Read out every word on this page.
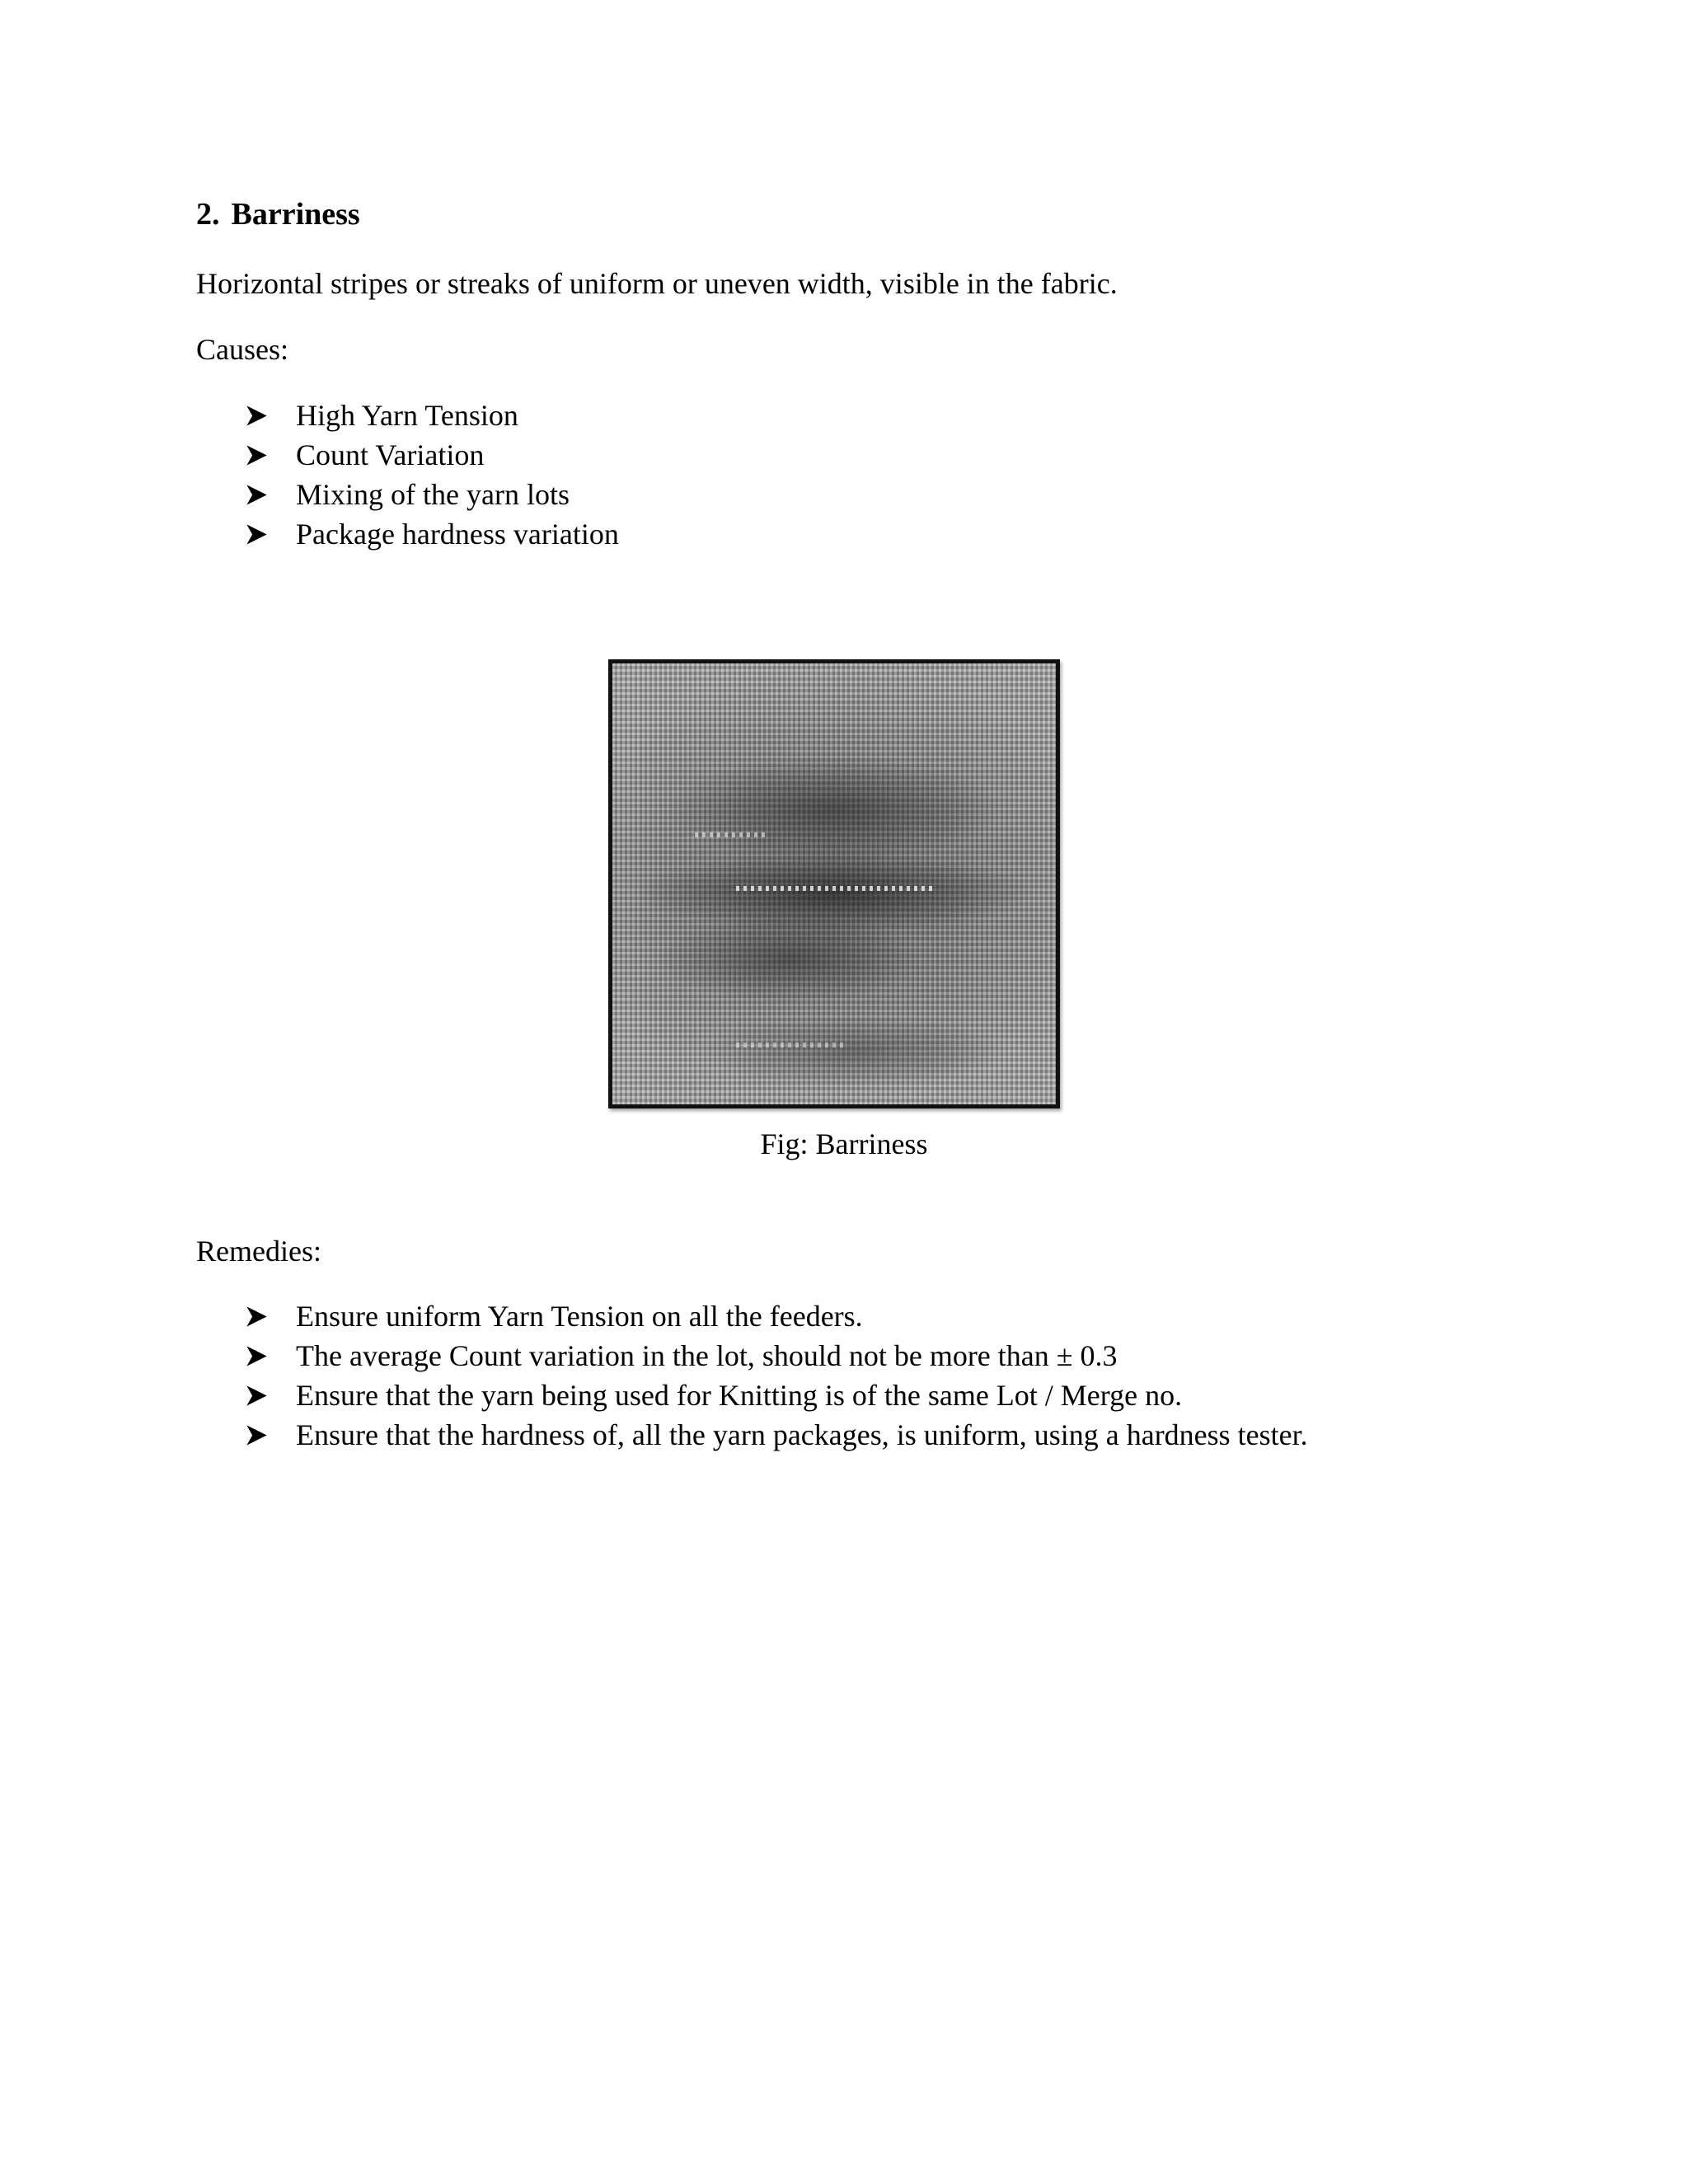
2. Barriness
Horizontal stripes or streaks of uniform or uneven width, visible in the fabric.
Causes:
High Yarn Tension
Count Variation
Mixing of the yarn lots
Package hardness variation
Fig: Barriness
Remedies:
Ensure uniform Yarn Tension on all the feeders.
The average Count variation in the lot, should not be more than ± 0.3
Ensure that the yarn being used for Knitting is of the same Lot / Merge no.
Ensure that the hardness of, all the yarn packages, is uniform, using a hardness tester.
